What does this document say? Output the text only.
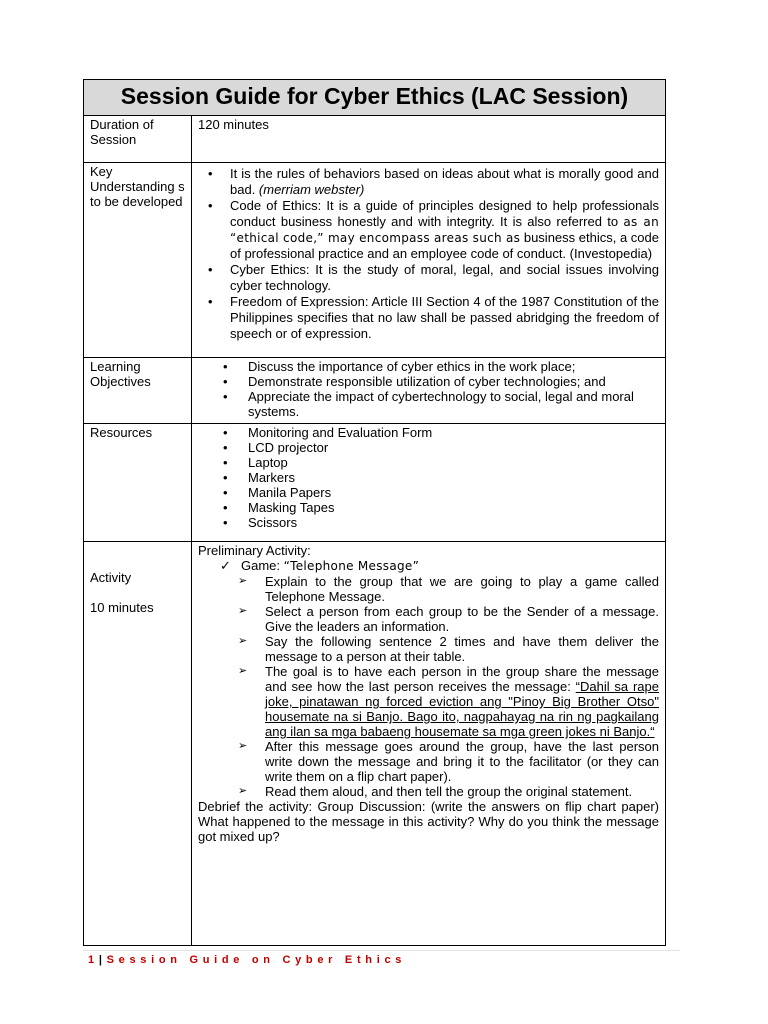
Session Guide for Cyber Ethics (LAC Session)
Duration of Session
120 minutes
Key Understanding s to be developed
• It is the rules of behaviors based on ideas about what is morally good and bad. (merriam webster)
• Code of Ethics: It is a guide of principles designed to help professionals conduct business honestly and with integrity. It is also referred to as an “ethical code,” may encompass areas such as business ethics, a code of professional practice and an employee code of conduct. (Investopedia)
• Cyber Ethics: It is the study of moral, legal, and social issues involving cyber technology.
• Freedom of Expression: Article III Section 4 of the 1987 Constitution of the Philippines specifies that no law shall be passed abridging the freedom of speech or of expression.
Learning Objectives
• Discuss the importance of cyber ethics in the work place;
• Demonstrate responsible utilization of cyber technologies; and
• Appreciate the impact of cybertechnology to social, legal and moral systems.
Resources
•	Monitoring and Evaluation Form
• LCD projector
• Laptop
• Markers
• Manila Papers
• Masking Tapes
• Scissors
Activity
10 minutes
Preliminary Activity:
✓ Game: “Telephone Message”
➢ Explain to the group that we are going to play a game called Telephone Message.
➢ Select a person from each group to be the Sender of a message. Give the leaders an information.
➢ Say the following sentence 2 times and have them deliver the message to a person at their table.
➢ The goal is to have each person in the group share the message and see how the last person receives the message: “Dahil sa rape joke, pinatawan ng forced eviction ang "Pinoy Big Brother Otso" housemate na si Banjo. Bago ito, nagpahayag na rin ng pagkailang ang ilan sa mga babaeng housemate sa mga green jokes ni Banjo.“
➢ After this message goes around the group, have the last person write down the message and bring it to the facilitator (or they can write them on a flip chart paper).
➢ Read them aloud, and then tell the group the original statement.
Debrief the activity: Group Discussion: (write the answers on flip chart paper) What happened to the message in this activity? Why do you think the message got mixed up?
1|Session Guide on Cyber Ethics
